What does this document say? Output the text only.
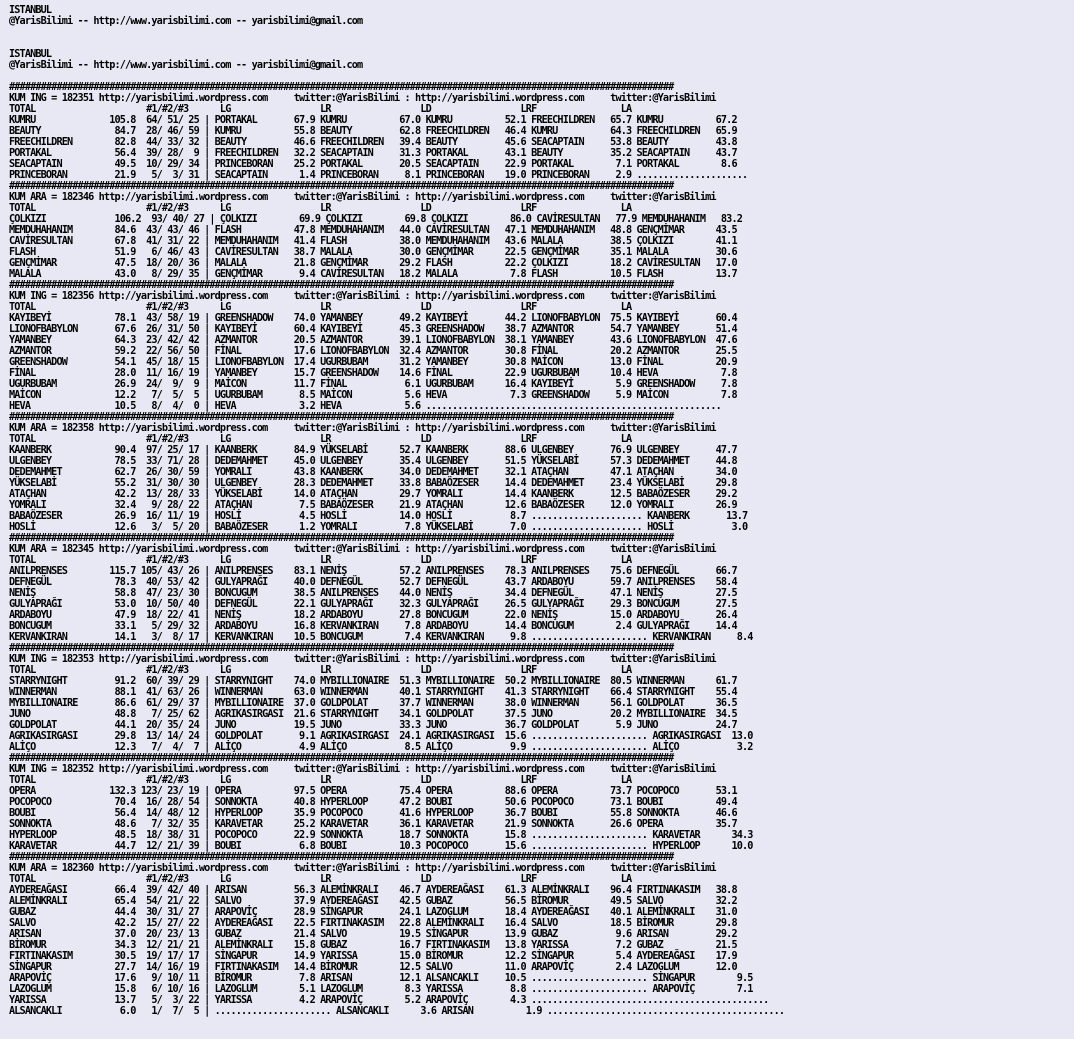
ISTANBUL
@YarisBilimi -- http://www.yarisbilimi.com -- yarisbilimi@gmail.com

ISTANBUL
@YarisBilimi -- http://www.yarisbilimi.com -- yarisbilimi@gmail.com

##############################################################################################################################
KUM ING = 182351 http://yarisbilimi.wordpress.com     twitter:@YarisBilimi : http://yarisbilimi.wordpress.com     twitter:@YarisBilimi
TOTAL                     #1/#2/#3      LG                 LR                 LD                 LRF                LA
KUMRU              105.8  64/ 51/ 25 | PORTAKAL       67.9 KUMRU          67.0 KUMRU          52.1 FREECHILDREN   65.7 KUMRU          67.2
BEAUTY              84.7  28/ 46/ 59 | KUMRU          55.8 BEAUTY         62.8 FREECHILDREN   46.4 KUMRU          64.3 FREECHILDREN   65.9
FREECHILDREN        82.8  44/ 33/ 32 | BEAUTY         46.6 FREECHILDREN   39.4 BEAUTY         45.6 SEACAPTAIN     53.8 BEAUTY         43.8
PORTAKAL            56.4  39/ 28/  9 | FREECHILDREN   32.2 SEACAPTAIN     31.3 PORTAKAL       43.1 BEAUTY         35.2 SEACAPTAIN     43.7
SEACAPTAIN          49.5  10/ 29/ 34 | PRINCEBORAN    25.2 PORTAKAL       20.5 SEACAPTAIN     22.9 PORTAKAL        7.1 PORTAKAL        8.6
PRINCEBORAN         21.9   5/  3/ 31 | SEACAPTAIN      1.4 PRINCEBORAN     8.1 PRINCEBORAN    19.0 PRINCEBORAN     2.9 .....................
##############################################################################################################################
KUM ARA = 182346 http://yarisbilimi.wordpress.com     twitter:@YarisBilimi : http://yarisbilimi.wordpress.com     twitter:@YarisBilimi
TOTAL                     #1/#2/#3      LG                 LR                 LD                 LRF                LA
ÇOLKIZI             106.2  93/ 40/ 27 | ÇOLKIZI        69.9 ÇOLKIZI        69.8 ÇOLKIZI        86.0 CAVİRESULTAN   77.9 MEMDUHAHANIM   83.2
MEMDUHAHANIM        84.6  43/ 43/ 46 | FLASH          47.8 MEMDUHAHANIM   44.0 CAVİRESULTAN   47.1 MEMDUHAHANIM   48.8 GENÇMİMAR      43.5
CAVİRESULTAN        67.8  41/ 31/ 22 | MEMDUHAHANIM   41.4 FLASH          38.0 MEMDUHAHANIM   43.6 MALALA         38.5 ÇOLKIZI        41.1
FLASH               51.9   6/ 46/ 43 | CAVİRESULTAN   38.7 MALALA         30.0 GENÇMİMAR      22.5 GENÇMİMAR      35.1 MALALA         30.6
GENÇMİMAR           47.5  18/ 20/ 36 | MALALA         21.8 GENÇMİMAR      29.2 FLASH          22.2 ÇOLKIZI        18.2 CAVİRESULTAN   17.0
MALALA              43.0   8/ 29/ 35 | GENÇMİMAR       9.4 CAVİRESULTAN   18.2 MALALA          7.8 FLASH          10.5 FLASH          13.7
##############################################################################################################################
KUM ING = 182356 http://yarisbilimi.wordpress.com     twitter:@YarisBilimi : http://yarisbilimi.wordpress.com     twitter:@YarisBilimi
TOTAL                     #1/#2/#3      LG                 LR                 LD                 LRF                LA
KAYIBEYİ            78.1  43/ 58/ 19 | GREENSHADOW    74.0 YAMANBEY       49.2 KAYIBEYİ       44.2 LIONOFBABYLON  75.5 KAYIBEYİ       60.4
LIONOFBABYLON       67.6  26/ 31/ 50 | KAYIBEYİ       60.4 KAYIBEYİ       45.3 GREENSHADOW    38.7 AZMANTOR       54.7 YAMANBEY       51.4
YAMANBEY            64.3  23/ 42/ 42 | AZMANTOR       20.5 AZMANTOR       39.1 LIONOFBABYLON  38.1 YAMANBEY       43.6 LIONOFBABYLON  47.6
AZMANTOR            59.2  22/ 56/ 50 | FİNAL          17.6 LIONOFBABYLON  32.4 AZMANTOR       30.8 FİNAL          20.2 AZMANTOR       25.5
GREENSHADOW         54.1  45/ 18/ 15 | LIONOFBABYLON  17.4 UGURBUBAM      31.2 YAMANBEY       30.8 MAİCON         13.0 FİNAL          20.9
FİNAL               28.0  11/ 16/ 19 | YAMANBEY       15.7 GREENSHADOW    14.6 FİNAL          22.9 UGURBUBAM      10.4 HEVA            7.8
UGURBUBAM           26.9  24/  9/  9 | MAİCON         11.7 FİNAL           6.1 UGURBUBAM      16.4 KAYIBEYİ        5.9 GREENSHADOW     7.8
MAİCON              12.2   7/  5/  5 | UGURBUBAM       8.5 MAİCON          5.6 HEVA            7.3 GREENSHADOW     5.9 MAİCON          7.8
HEVA                10.5   8/  4/  0 | HEVA            3.2 HEVA            5.6 ........................................................
##############################################################################################################################
KUM ARA = 182358 http://yarisbilimi.wordpress.com     twitter:@YarisBilimi : http://yarisbilimi.wordpress.com     twitter:@YarisBilimi
TOTAL                     #1/#2/#3      LG                 LR                 LD                 LRF                LA
KAANBERK            90.4  97/ 25/ 17 | KAANBERK       84.9 YÜKSELABİ      52.7 KAANBERK       88.6 ULGENBEY       76.9 ULGENBEY       47.7
ULGENBEY            78.5  33/ 71/ 28 | DEDEMAHMET     45.0 ULGENBEY       35.4 ULGENBEY       51.5 YÜKSELABİ      57.3 DEDEMAHMET     44.8
DEDEMAHMET          62.7  26/ 30/ 59 | YOMRALI        43.8 KAANBERK       34.0 DEDEMAHMET     32.1 ATAÇHAN        47.1 ATAÇHAN        34.0
YÜKSELABİ           55.2  31/ 30/ 30 | ULGENBEY       28.3 DEDEMAHMET     33.8 BABAÖZESER     14.4 DEDEMAHMET     23.4 YÜKSELABİ      29.8
ATAÇHAN             42.2  13/ 28/ 33 | YÜKSELABİ      14.0 ATAÇHAN        29.7 YOMRALI        14.4 KAANBERK       12.5 BABAÖZESER     29.2
YOMRALI             32.4   9/ 28/ 22 | ATAÇHAN         7.5 BABAÖZESER     21.9 ATAÇHAN        12.6 BABAÖZESER     12.0 YOMRALI        26.9
BABAÖZESER          26.9  16/ 11/ 19 | HOSLİ           4.5 HOSLİ          14.0 HOSLİ           8.7 ..................... KAANBERK       13.7
HOSLİ               12.6   3/  5/ 20 | BABAÖZESER      1.2 YOMRALI         7.8 YÜKSELABİ       7.0 ..................... HOSLİ           3.0
##############################################################################################################################
KUM ARA = 182345 http://yarisbilimi.wordpress.com     twitter:@YarisBilimi : http://yarisbilimi.wordpress.com     twitter:@YarisBilimi
TOTAL                     #1/#2/#3      LG                 LR                 LD                 LRF                LA
ANILPRENSES        115.7 105/ 43/ 26 | ANILPRENSES    83.1 NENİŞ          57.2 ANILPRENSES    78.3 ANILPRENSES    75.6 DEFNEGÜL       66.7
DEFNEGÜL            78.3  40/ 53/ 42 | GULYAPRAĞI     40.0 DEFNEGÜL       52.7 DEFNEGÜL       43.7 ARDABOYU       59.7 ANILPRENSES    58.4
NENİŞ               58.8  47/ 23/ 30 | BONCUGUM       38.5 ANILPRENSES    44.0 NENİŞ          34.4 DEFNEGÜL       47.1 NENİŞ          27.5
GULYAPRAĞI          53.0  10/ 50/ 40 | DEFNEGÜL       22.1 GULYAPRAĞI     32.3 GULYAPRAĞI     26.5 GULYAPRAĞI     29.3 BONCUGUM       27.5
ARDABOYU            47.9  18/ 22/ 41 | NENİŞ          18.2 ARDABOYU       27.8 BONCUGUM       22.0 NENİŞ          15.0 ARDABOYU       26.4
BONCUGUM            33.1   5/ 29/ 32 | ARDABOYU       16.8 KERVANKIRAN     7.8 ARDABOYU       14.4 BONCUGUM        2.4 GULYAPRAĞI     14.4
KERVANKIRAN         14.1   3/  8/ 17 | KERVANKIRAN    10.5 BONCUGUM        7.4 KERVANKIRAN     9.8 ...................... KERVANKIRAN     8.4
##############################################################################################################################
KUM ING = 182353 http://yarisbilimi.wordpress.com     twitter:@YarisBilimi : http://yarisbilimi.wordpress.com     twitter:@YarisBilimi
TOTAL                     #1/#2/#3      LG                 LR                 LD                 LRF                LA
STARRYNIGHT         91.2  60/ 39/ 29 | STARRYNIGHT    74.0 MYBILLIONAIRE  51.3 MYBILLIONAIRE  50.2 MYBILLIONAIRE  80.5 WINNERMAN      61.7
WINNERMAN           88.1  41/ 63/ 26 | WINNERMAN      63.0 WINNERMAN      40.1 STARRYNIGHT    41.3 STARRYNIGHT    66.4 STARRYNIGHT    55.4
MYBILLIONAIRE       86.6  61/ 29/ 37 | MYBILLIONAIRE  37.0 GOLDPOLAT      37.7 WINNERMAN      38.0 WINNERMAN      56.1 GOLDPOLAT      36.5
JUNO                48.8   7/ 25/ 62 | AGRIKASIRGASI  21.6 STARRYNIGHT    34.1 GOLDPOLAT      37.5 JUNO           20.2 MYBILLIONAIRE  34.5
GOLDPOLAT           44.1  20/ 35/ 24 | JUNO           19.5 JUNO           33.3 JUNO           36.7 GOLDPOLAT       5.9 JUNO           24.7
AGRIKASIRGASI       29.8  13/ 14/ 24 | GOLDPOLAT       9.1 AGRIKASIRGASI  24.1 AGRIKASIRGASI  15.6 ...................... AGRIKASIRGASI  13.0
ALİÇO               12.3   7/  4/  7 | ALİÇO           4.9 ALİÇO           8.5 ALİÇO           9.9 ...................... ALİÇO           3.2
##############################################################################################################################
KUM ING = 182352 http://yarisbilimi.wordpress.com     twitter:@YarisBilimi : http://yarisbilimi.wordpress.com     twitter:@YarisBilimi
TOTAL                     #1/#2/#3      LG                 LR                 LD                 LRF                LA
OPERA              132.3 123/ 23/ 19 | OPERA          97.5 OPERA          75.4 OPERA          88.6 OPERA          73.7 POCOPOCO       53.1
POCOPOCO            70.4  16/ 28/ 54 | SONNOKTA       40.8 HYPERLOOP      47.2 BOUBI          50.6 POCOPOCO       73.1 BOUBI          49.4
BOUBI               56.4  14/ 48/ 12 | HYPERLOOP      35.9 POCOPOCO       41.6 HYPERLOOP      36.7 BOUBI          55.8 SONNOKTA       46.6
SONNOKTA            48.6   7/ 32/ 35 | KARAVETAR      25.2 KARAVETAR      36.1 KARAVETAR      21.9 SONNOKTA       26.6 OPERA          35.7
HYPERLOOP           48.5  18/ 38/ 31 | POCOPOCO       22.9 SONNOKTA       18.7 SONNOKTA       15.8 ...................... KARAVETAR      34.3
KARAVETAR           44.7  12/ 21/ 39 | BOUBI           6.8 BOUBI          10.3 POCOPOCO       15.6 ...................... HYPERLOOP      10.0
##############################################################################################################################
KUM ARA = 182360 http://yarisbilimi.wordpress.com     twitter:@YarisBilimi : http://yarisbilimi.wordpress.com     twitter:@YarisBilimi
TOTAL                     #1/#2/#3      LG                 LR                 LD                 LRF                LA
AYDEREAĞASI         66.4  39/ 42/ 40 | ARISAN         56.3 ALEMİNKRALI    46.7 AYDEREAĞASI    61.3 ALEMİNKRALI    96.4 FIRTINAKASIM   38.8
ALEMİNKRALI         65.4  54/ 21/ 22 | SALVO          37.9 AYDEREAĞASI    42.5 GUBAZ          56.5 BİROMUR        49.5 SALVO          32.2
GUBAZ               44.4  30/ 31/ 27 | ARAPOVİÇ       28.9 SİNGAPUR       24.1 LAZOGLUM       18.4 AYDEREAĞASI    40.1 ALEMİNKRALI    31.0
SALVO               42.2  15/ 27/ 22 | AYDEREAĞASI    22.5 FIRTINAKASIM   22.8 ALEMİNKRALI    16.4 SALVO          18.5 BİROMUR        29.8
ARISAN              37.0  20/ 23/ 13 | GUBAZ          21.4 SALVO          19.5 SİNGAPUR       13.9 GUBAZ           9.6 ARISAN         29.2
BİROMUR             34.3  12/ 21/ 21 | ALEMİNKRALI    15.8 GUBAZ          16.7 FIRTINAKASIM   13.8 YARISSA         7.2 GUBAZ          21.5
FIRTINAKASIM        30.5  19/ 17/ 17 | SİNGAPUR       14.9 YARISSA        15.0 BİROMUR        12.2 SİNGAPUR        5.4 AYDEREAĞASI    17.9
SİNGAPUR            27.7  14/ 16/ 19 | FIRTINAKASIM   14.4 BİROMUR        12.5 SALVO          11.0 ARAPOVİÇ        2.4 LAZOGLUM       12.0
ARAPOVİÇ            17.6   9/ 10/ 11 | BİROMUR         7.8 ARISAN         12.1 ALSANCAKLI     10.5 ...................... SİNGAPUR        9.5
LAZOGLUM            15.8   6/ 10/ 16 | LAZOGLUM        5.1 LAZOGLUM        8.3 YARISSA         8.8 ...................... ARAPOVİÇ        7.1
YARISSA             13.7   5/  3/ 22 | YARISSA         4.2 ARAPOVİÇ        5.2 ARAPOVİÇ        4.3 .............................................
ALSANCAKLI           6.0   1/  7/  5 | ...................... ALSANCAKLI      3.6 ARISAN          1.9 .............................................
